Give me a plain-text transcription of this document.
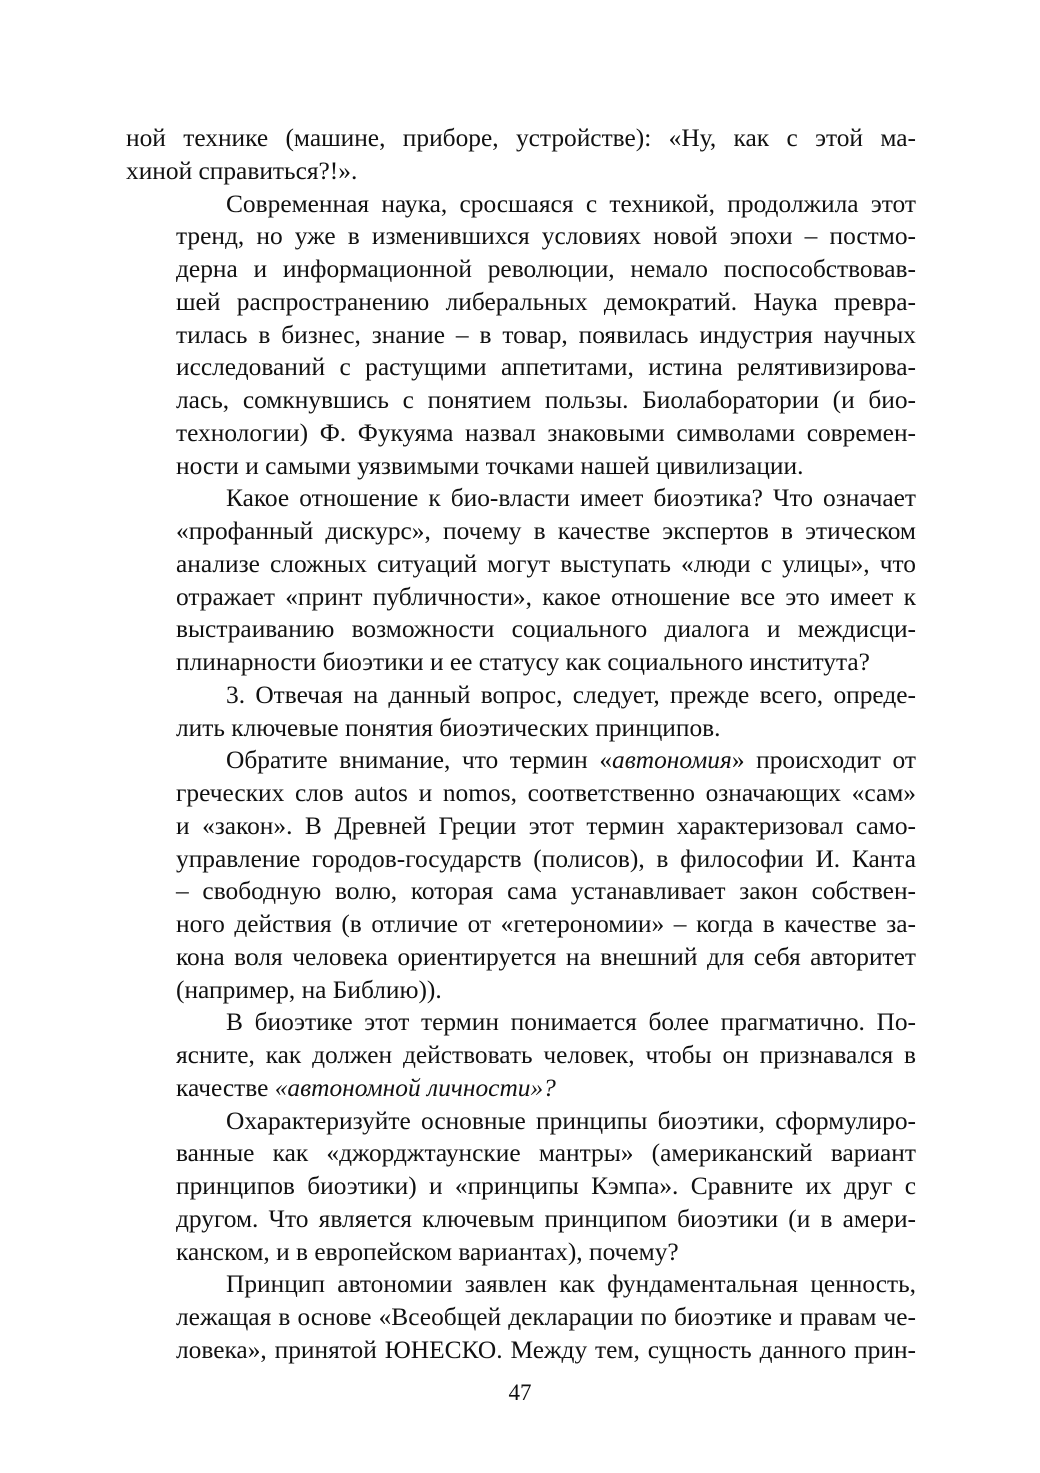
ной технике (машине, приборе, устройстве): «Ну, как с этой ма-
хиной справиться?!».
Современная наука, сросшаяся с техникой, продолжила этот
тренд, но уже в изменившихся условиях новой эпохи – постмо-
дерна и информационной революции, немало поспособствовав-
шей распространению либеральных демократий. Наука превра-
тилась в бизнес, знание – в товар, появилась индустрия научных
исследований с растущими аппетитами, истина релятивизирова-
лась, сомкнувшись с понятием пользы. Биолаборатории (и био-
технологии) Ф. Фукуяма назвал знаковыми символами современ-
ности и самыми уязвимыми точками нашей цивилизации.
Какое отношение к био-власти имеет биоэтика? Что означает
«профанный дискурс», почему в качестве экспертов в этическом
анализе сложных ситуаций могут выступать «люди с улицы», что
отражает «принт публичности», какое отношение все это имеет к
выстраиванию возможности социального диалога и междисци-
плинарности биоэтики и ее статусу как социального института?
3. Отвечая на данный вопрос, следует, прежде всего, опреде-
лить ключевые понятия биоэтических принципов.
Обратите внимание, что термин «автономия» происходит от
греческих слов autos и nomos, соответственно означающих «сам»
и «закон». В Древней Греции этот термин характеризовал само-
управление городов-государств (полисов), в философии И. Канта
– свободную волю, которая сама устанавливает закон собствен-
ного действия (в отличие от «гетерономии» – когда в качестве за-
кона воля человека ориентируется на внешний для себя авторитет
(например, на Библию)).
В биоэтике этот термин понимается более прагматично. По-
ясните, как должен действовать человек, чтобы он признавался в
качестве «автономной личности»?
Охарактеризуйте основные принципы биоэтики, сформулиро-
ванные как «джорджтаунские мантры» (американский вариант
принципов биоэтики) и «принципы Кэмпа». Сравните их друг с
другом. Что является ключевым принципом биоэтики (и в амери-
канском, и в европейском вариантах), почему?
Принцип автономии заявлен как фундаментальная ценность,
лежащая в основе «Всеобщей декларации по биоэтике и правам че-
ловека», принятой ЮНЕСКО. Между тем, сущность данного прин-
47
